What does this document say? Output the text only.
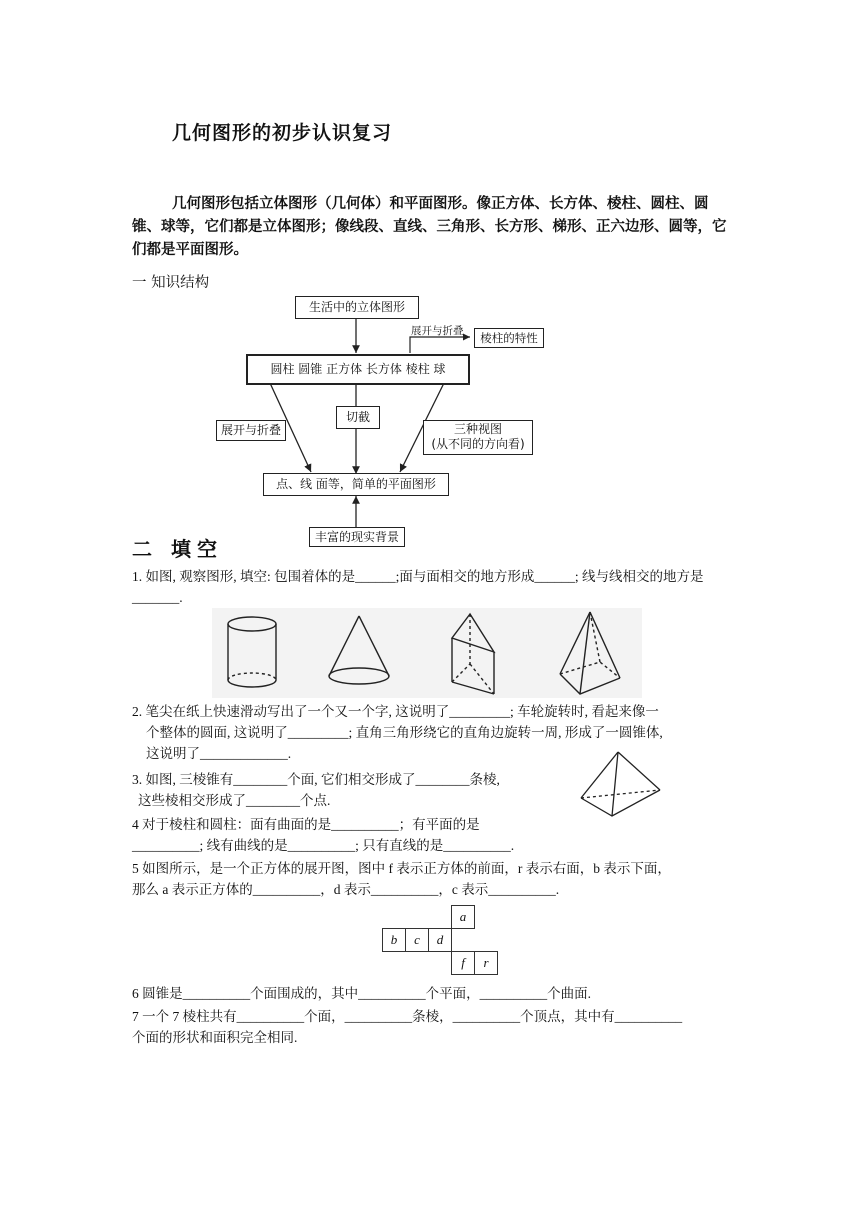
几何图形的初步认识复习
几何图形包括立体图形（几何体）和平面图形。像正方体、长方体、棱柱、圆柱、圆锥、球等，它们都是立体图形；像线段、直线、三角形、长方形、梯形、正六边形、圆等，它们都是平面图形。
一 知识结构
生活中的立体图形
展开与折叠	棱柱的特性
圆柱 圆锥 正方体 长方体 棱柱 球
展开与折叠
切截
三种视图
(从不同的方向看)
点、线 面等，简单的平面图形
丰富的现实背景
二 填空
1. 如图, 观察图形, 填空: 包围着体的是______;面与面相交的地方形成______; 线与线相交的地方是_______.
2. 笔尖在纸上快速滑动写出了一个又一个字, 这说明了_________; 车轮旋转时, 看起来像一
个整体的圆面, 这说明了_________; 直角三角形绕它的直角边旋转一周, 形成了一圆锥体,
这说明了_____________.
3. 如图, 三棱锥有________个面, 它们相交形成了________条棱,
这些棱相交形成了________个点.
4 对于棱柱和圆柱：面有曲面的是__________；有平面的是
__________; 线有曲线的是__________; 只有直线的是__________.
5 如图所示，是一个正方体的展开图，图中 f 表示正方体的前面，r 表示右面，b 表示下面，
那么 a 表示正方体的__________，d 表示__________，c 表示__________.
			a	
b	c	d		
			f	r
6 圆锥是__________个面围成的，其中__________个平面，__________个曲面.
7 一个 7 棱柱共有__________个面，__________条棱，__________个顶点，其中有__________
个面的形状和面积完全相同.
